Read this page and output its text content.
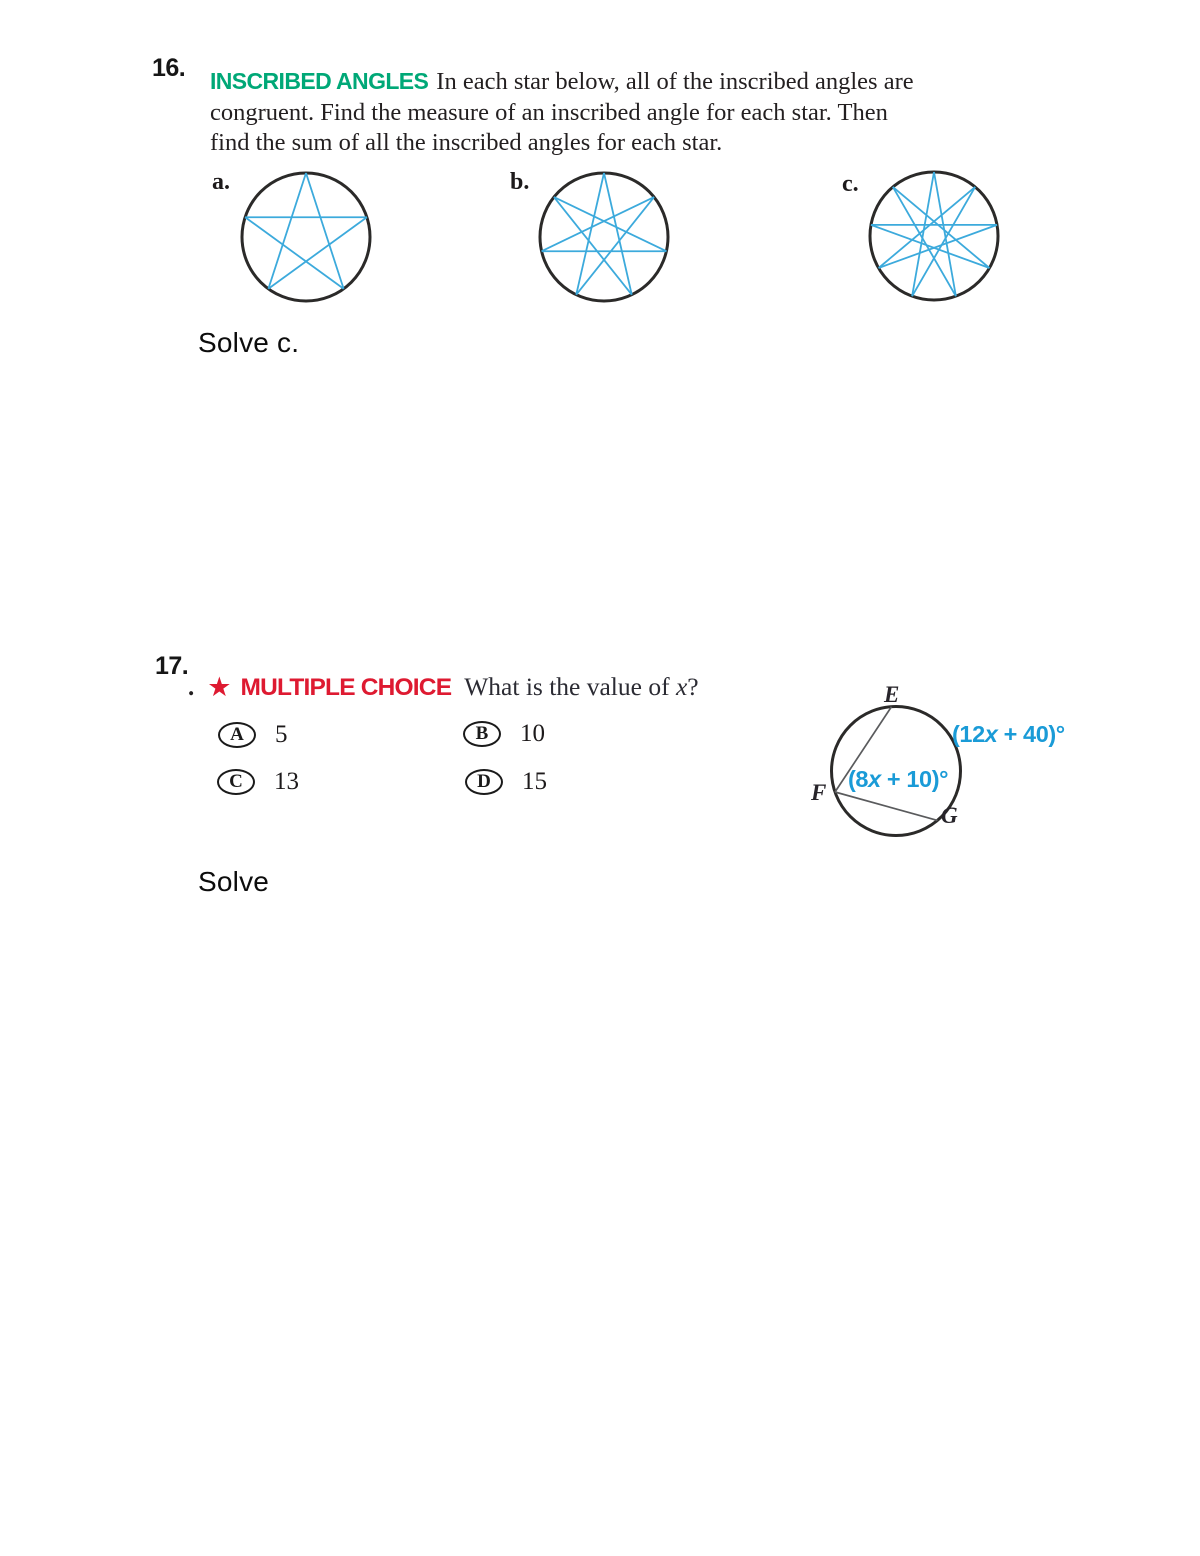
16. INSCRIBED ANGLES In each star below, all of the inscribed angles are
congruent. Find the measure of an inscribed angle for each star. Then
find the sum of all the inscribed angles for each star.
a.	b.	c.
Solve c.
17.
. ★ MULTIPLE CHOICE What is the value of x?
A	5	B	10
C	13	D	15
E
F
G
(12x + 40)°
(8x + 10)°
Solve
